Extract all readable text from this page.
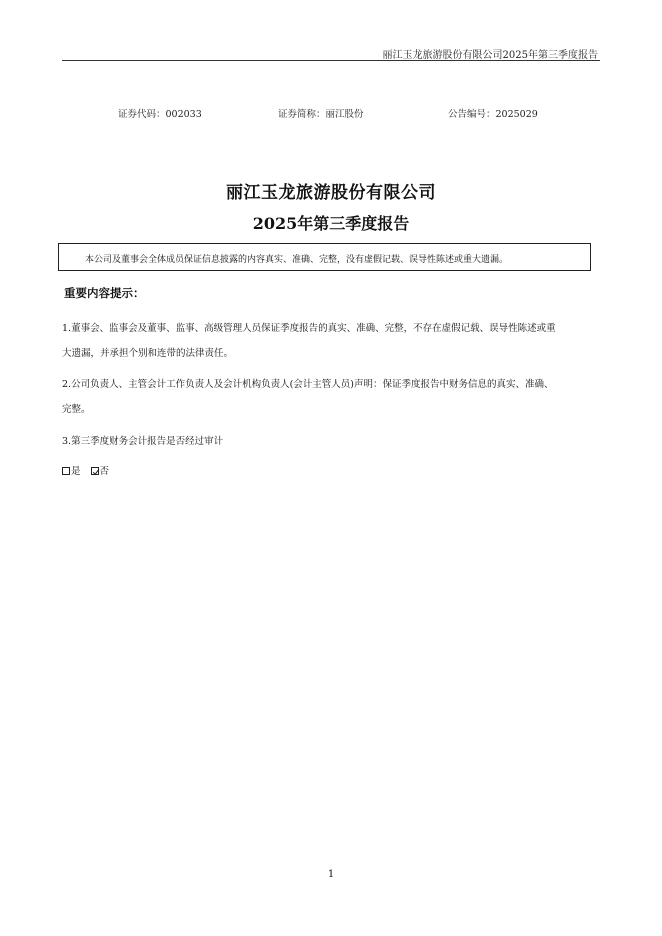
丽江玉龙旅游股份有限公司2025年第三季度报告
证券代码：002033	证券简称：丽江股份	公告编号：2025029
丽江玉龙旅游股份有限公司
2025年第三季度报告
本公司及董事会全体成员保证信息披露的内容真实、准确、完整，没有虚假记载、误导性陈述或重大遗漏。
重要内容提示：
1.董事会、监事会及董事、监事、高级管理人员保证季度报告的真实、准确、完整，不存在虚假记载、误导性陈述或重
大遗漏，并承担个别和连带的法律责任。
2.公司负责人、主管会计工作负责人及会计机构负责人(会计主管人员)声明：保证季度报告中财务信息的真实、准确、
完整。
3.第三季度财务会计报告是否经过审计
是 否
1
